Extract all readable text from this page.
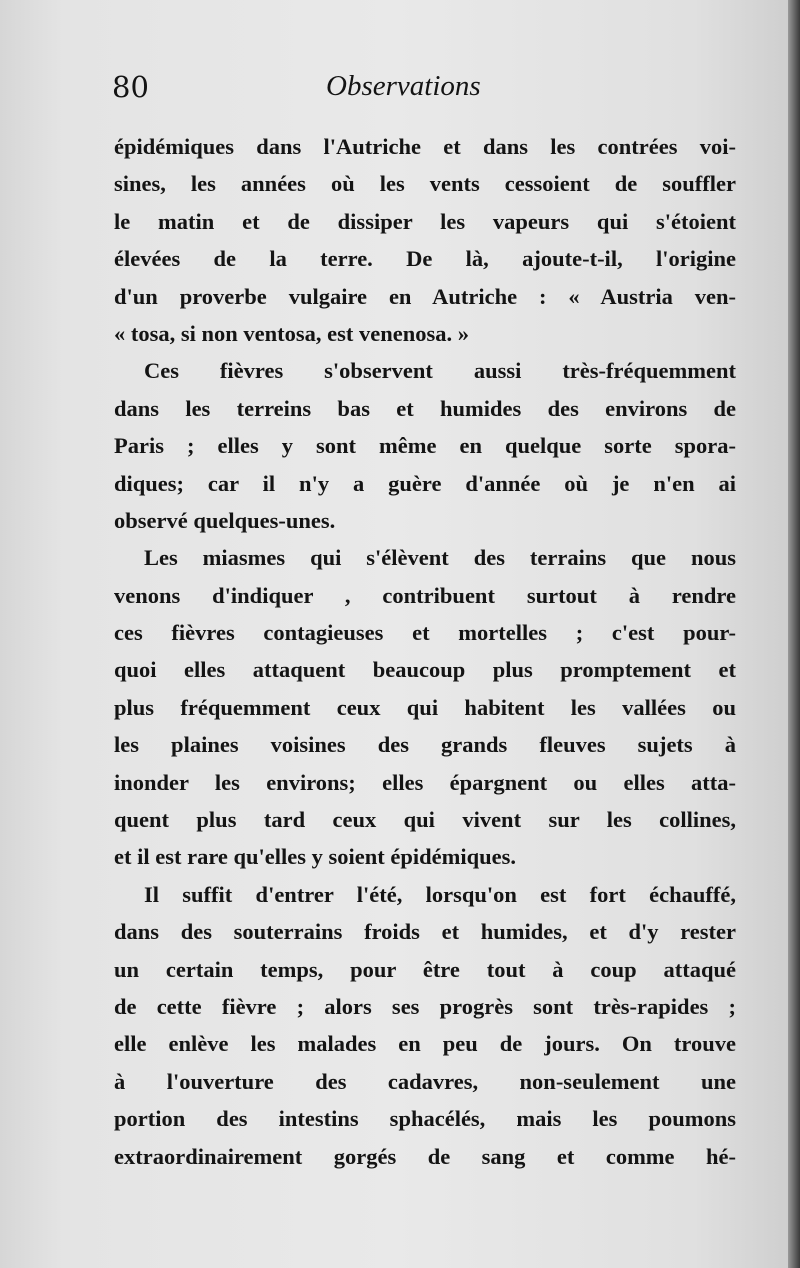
80	Observations
épidémiques dans l'Autriche et dans les contrées voi-
sines, les années où les vents cessoient de souffler
le matin et de dissiper les vapeurs qui s'étoient
élevées de la terre. De là, ajoute-t-il, l'origine
d'un proverbe vulgaire en Autriche : « Austria ven-
« tosa, si non ventosa, est venenosa. »
Ces fièvres s'observent aussi très-fréquemment
dans les terreins bas et humides des environs de
Paris ; elles y sont même en quelque sorte spora-
diques; car il n'y a guère d'année où je n'en ai
observé quelques-unes.
Les miasmes qui s'élèvent des terrains que nous
venons d'indiquer , contribuent surtout à rendre
ces fièvres contagieuses et mortelles ; c'est pour-
quoi elles attaquent beaucoup plus promptement et
plus fréquemment ceux qui habitent les vallées ou
les plaines voisines des grands fleuves sujets à
inonder les environs; elles épargnent ou elles atta-
quent plus tard ceux qui vivent sur les collines,
et il est rare qu'elles y soient épidémiques.
Il suffit d'entrer l'été, lorsqu'on est fort échauffé,
dans des souterrains froids et humides, et d'y rester
un certain temps, pour être tout à coup attaqué
de cette fièvre ; alors ses progrès sont très-rapides ;
elle enlève les malades en peu de jours. On trouve
à l'ouverture des cadavres, non-seulement une
portion des intestins sphacélés, mais les poumons
extraordinairement gorgés de sang et comme hé-
